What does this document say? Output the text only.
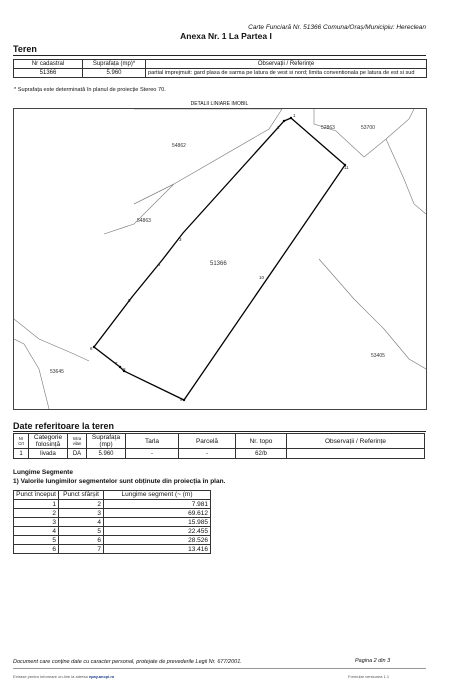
Carte Funciară Nr. 51366 Comuna/Oraș/Municipiu: Hereclean
Anexa Nr. 1 La Partea I
Teren
Nr cadastral	Suprafața (mp)*	Observații / Referințe
51366	5.960	partial imprejmuit: gard plasa de sarma pe latura de vest si nord; limita conventionala pe latura de est si sud
* Suprafața este determinată în planul de proiecție Stereo 70.
DETALII LINIARE IMOBIL
54862
54863
52863	53700
53405
53645
51366
1
2
3
4
5
6
7
8
9
10
11
Date referitoare la teren
Nr Crt	Categorie folosință	Intra vilan	Suprafața (mp)	Tarla	Parcelă	Nr. topo	Observații / Referințe
1	livada	DA	5.960	-	-	62/b	
Lungime Segmente
1) Valorile lungimilor segmentelor sunt obținute din proiecția în plan.
Punct început	Punct sfârșit	Lungime segment (~ (m)
1	2	7.981
2	3	69.612
3	4	15.985
4	5	22.455
5	6	28.526
6	7	13.416
Document care conține date cu caracter personal, protejate de prevederile Legii Nr. 677/2001.	Pagina 2 din 3
Extrase pentru informare on-line la adresa epay.ancpi.ro	Formular versiunea 1.1
